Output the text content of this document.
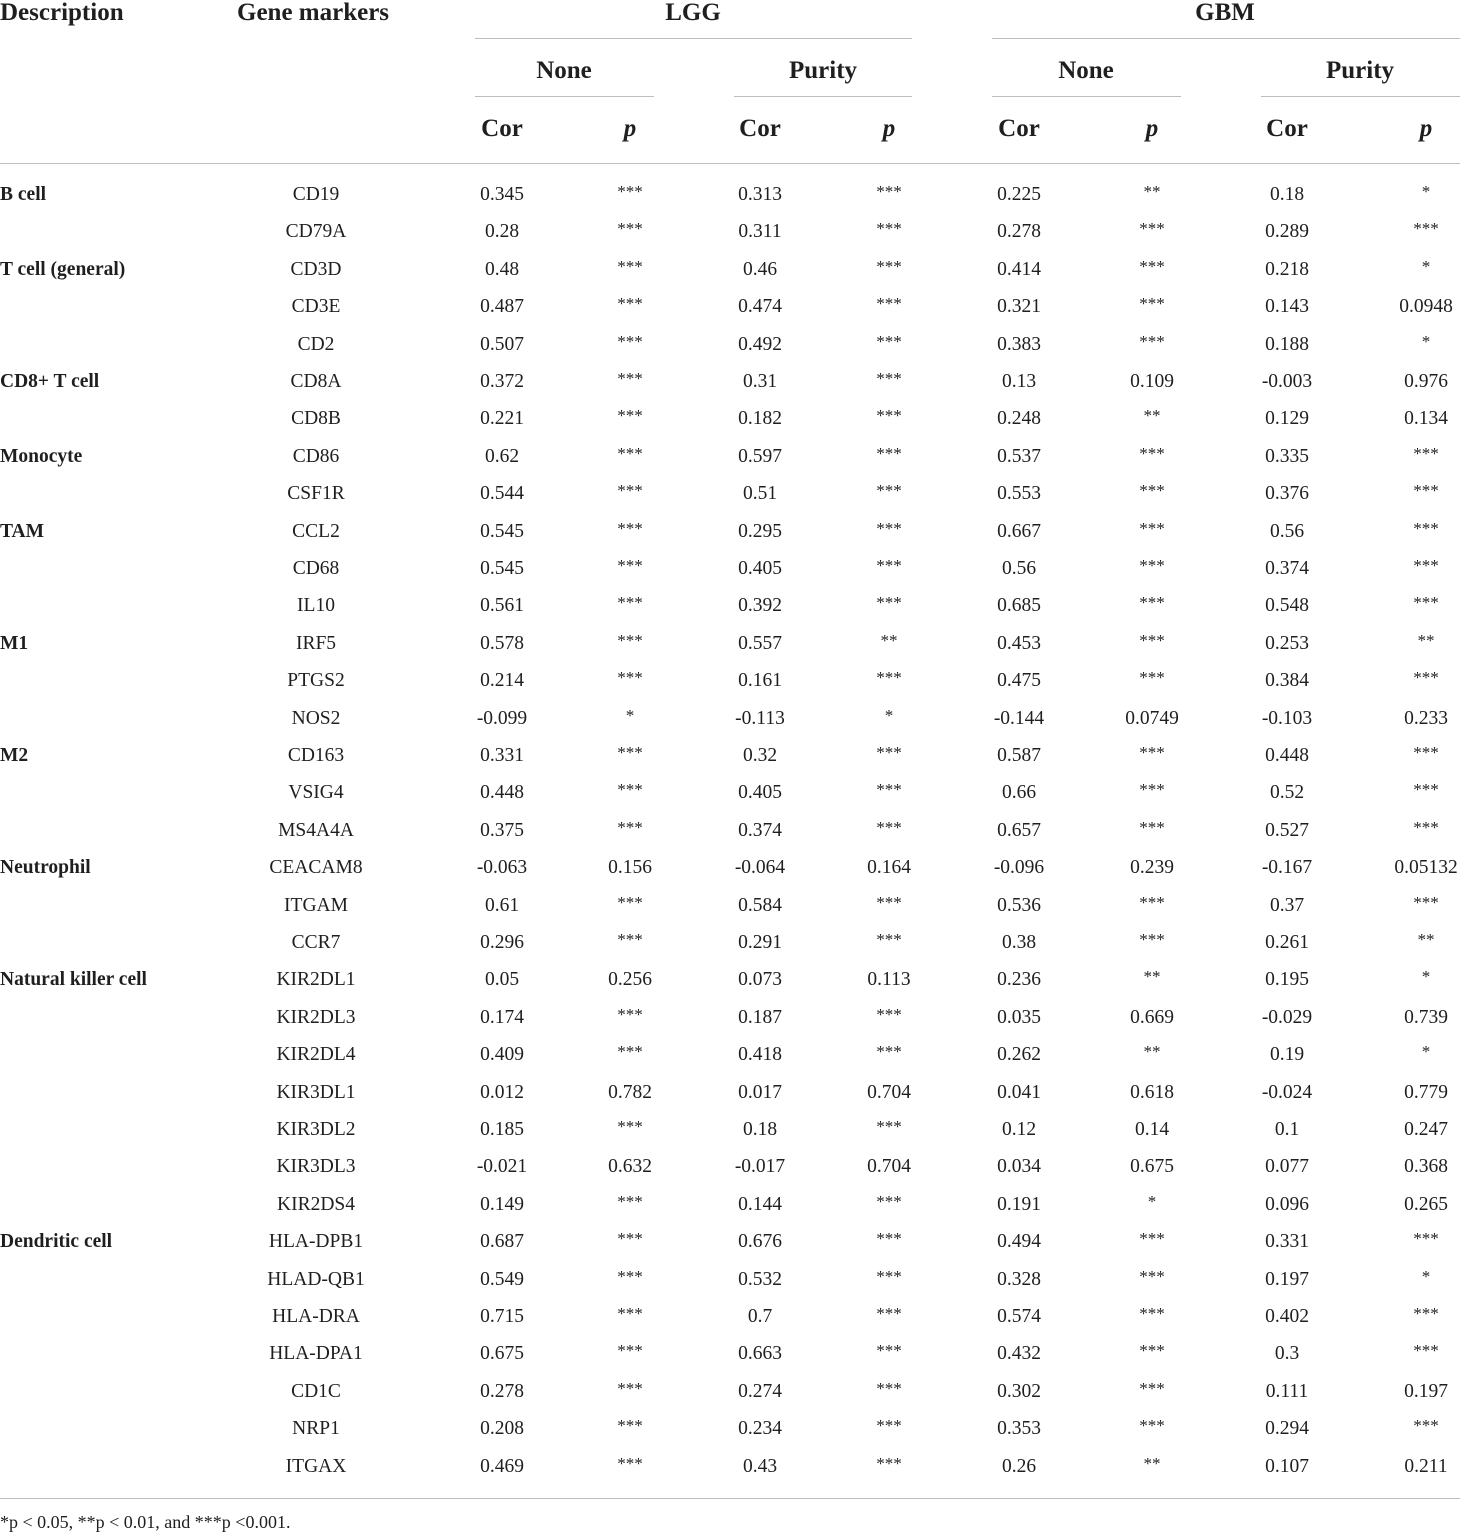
Description	Gene markers	LGG	GBM
None	Purity	None	Purity
Cor	p	Cor	p	Cor	p	Cor	p
B cell	CD19	0.345	***	0.313	***	0.225	**	0.18	*
CD79A	0.28	***	0.311	***	0.278	***	0.289	***
T cell (general)	CD3D	0.48	***	0.46	***	0.414	***	0.218	*
CD3E	0.487	***	0.474	***	0.321	***	0.143	0.0948
CD2	0.507	***	0.492	***	0.383	***	0.188	*
CD8+ T cell	CD8A	0.372	***	0.31	***	0.13	0.109	-0.003	0.976
CD8B	0.221	***	0.182	***	0.248	**	0.129	0.134
Monocyte	CD86	0.62	***	0.597	***	0.537	***	0.335	***
CSF1R	0.544	***	0.51	***	0.553	***	0.376	***
TAM	CCL2	0.545	***	0.295	***	0.667	***	0.56	***
CD68	0.545	***	0.405	***	0.56	***	0.374	***
IL10	0.561	***	0.392	***	0.685	***	0.548	***
M1	IRF5	0.578	***	0.557	**	0.453	***	0.253	**
PTGS2	0.214	***	0.161	***	0.475	***	0.384	***
NOS2	-0.099	*	-0.113	*	-0.144	0.0749	-0.103	0.233
M2	CD163	0.331	***	0.32	***	0.587	***	0.448	***
VSIG4	0.448	***	0.405	***	0.66	***	0.52	***
MS4A4A	0.375	***	0.374	***	0.657	***	0.527	***
Neutrophil	CEACAM8	-0.063	0.156	-0.064	0.164	-0.096	0.239	-0.167	0.05132
ITGAM	0.61	***	0.584	***	0.536	***	0.37	***
CCR7	0.296	***	0.291	***	0.38	***	0.261	**
Natural killer cell	KIR2DL1	0.05	0.256	0.073	0.113	0.236	**	0.195	*
KIR2DL3	0.174	***	0.187	***	0.035	0.669	-0.029	0.739
KIR2DL4	0.409	***	0.418	***	0.262	**	0.19	*
KIR3DL1	0.012	0.782	0.017	0.704	0.041	0.618	-0.024	0.779
KIR3DL2	0.185	***	0.18	***	0.12	0.14	0.1	0.247
KIR3DL3	-0.021	0.632	-0.017	0.704	0.034	0.675	0.077	0.368
KIR2DS4	0.149	***	0.144	***	0.191	*	0.096	0.265
Dendritic cell	HLA-DPB1	0.687	***	0.676	***	0.494	***	0.331	***
HLAD-QB1	0.549	***	0.532	***	0.328	***	0.197	*
HLA-DRA	0.715	***	0.7	***	0.574	***	0.402	***
HLA-DPA1	0.675	***	0.663	***	0.432	***	0.3	***
CD1C	0.278	***	0.274	***	0.302	***	0.111	0.197
NRP1	0.208	***	0.234	***	0.353	***	0.294	***
ITGAX	0.469	***	0.43	***	0.26	**	0.107	0.211
*p < 0.05, **p < 0.01, and ***p <0.001.
